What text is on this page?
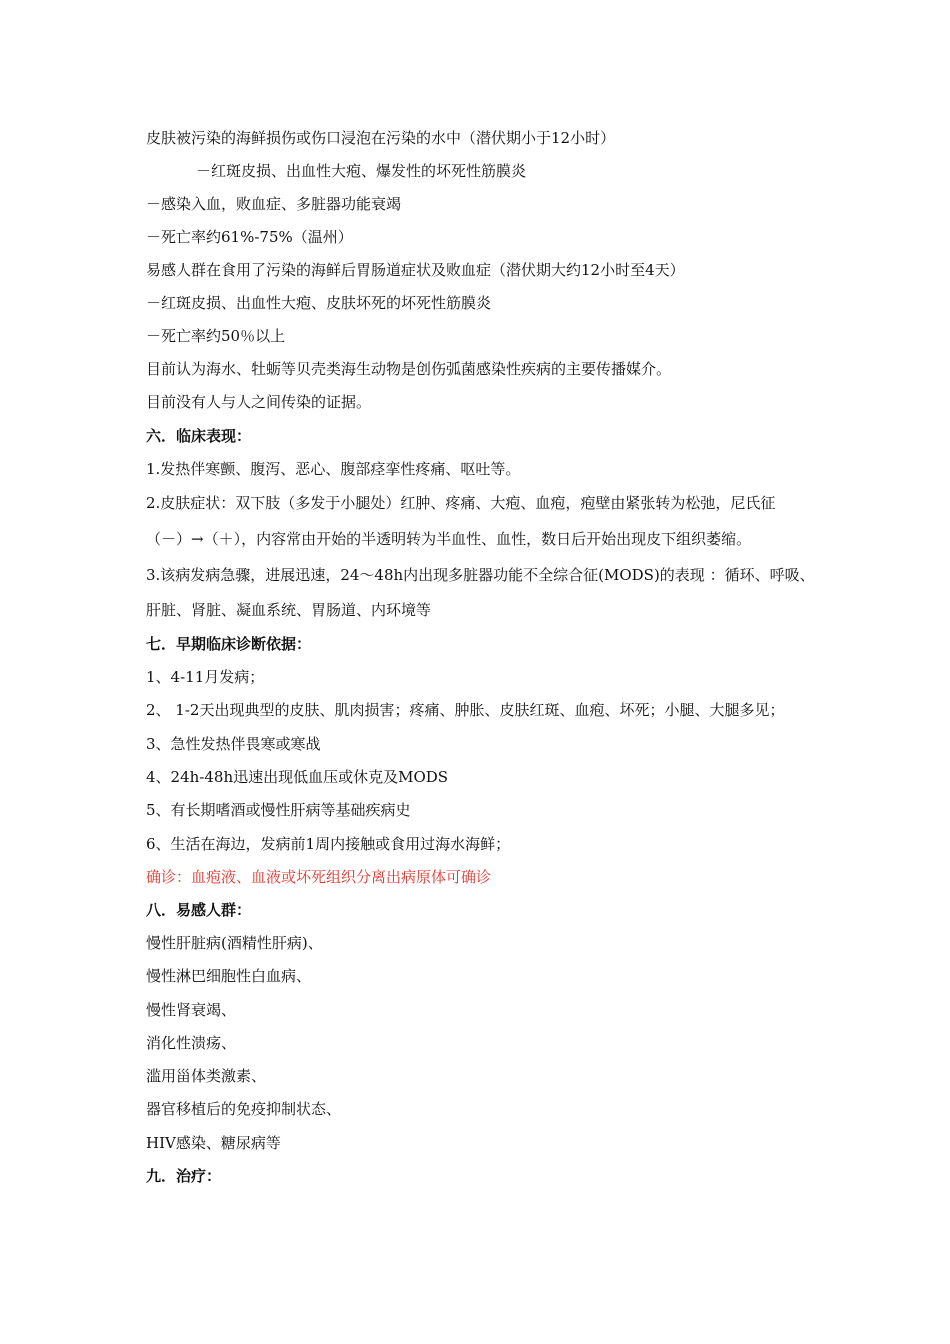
皮肤被污染的海鲜损伤或伤口浸泡在污染的水中（潜伏期小于12小时）
－红斑皮损、出血性大疱、爆发性的坏死性筋膜炎
－感染入血，败血症、多脏器功能衰竭
－死亡率约61%-75%（温州）
易感人群在食用了污染的海鲜后胃肠道症状及败血症（潜伏期大约12小时至4天）
－红斑皮损、出血性大疱、皮肤坏死的坏死性筋膜炎
－死亡率约50％以上
目前认为海水、牡蛎等贝壳类海生动物是创伤弧菌感染性疾病的主要传播媒介。
目前没有人与人之间传染的证据。
六．临床表现：
1.发热伴寒颤、腹泻、恶心、腹部痉挛性疼痛、呕吐等。
2.皮肤症状：双下肢（多发于小腿处）红肿、疼痛、大疱、血疱，疱壁由紧张转为松弛，尼氏征
（－）→（＋），内容常由开始的半透明转为半血性、血性，数日后开始出现皮下组织萎缩。
3.该病发病急骤，进展迅速，24～48h内出现多脏器功能不全综合征(MODS)的表现 ：循环、呼吸、
肝脏、肾脏、凝血系统、胃肠道、内环境等
七．早期临床诊断依据：
1、4-11月发病；
2、 1-2天出现典型的皮肤、肌肉损害；疼痛、肿胀、皮肤红斑、血疱、坏死；小腿、大腿多见；
3、急性发热伴畏寒或寒战
4、24h-48h迅速出现低血压或休克及MODS
5、有长期嗜酒或慢性肝病等基础疾病史
6、生活在海边，发病前1周内接触或食用过海水海鲜；
确诊：血疱液、血液或坏死组织分离出病原体可确诊
八．易感人群：
慢性肝脏病(酒精性肝病)、
慢性淋巴细胞性白血病、
慢性肾衰竭、
消化性溃疡、
滥用甾体类激素、
器官移植后的免疫抑制状态、
HIV感染、糖尿病等
九．治疗：
